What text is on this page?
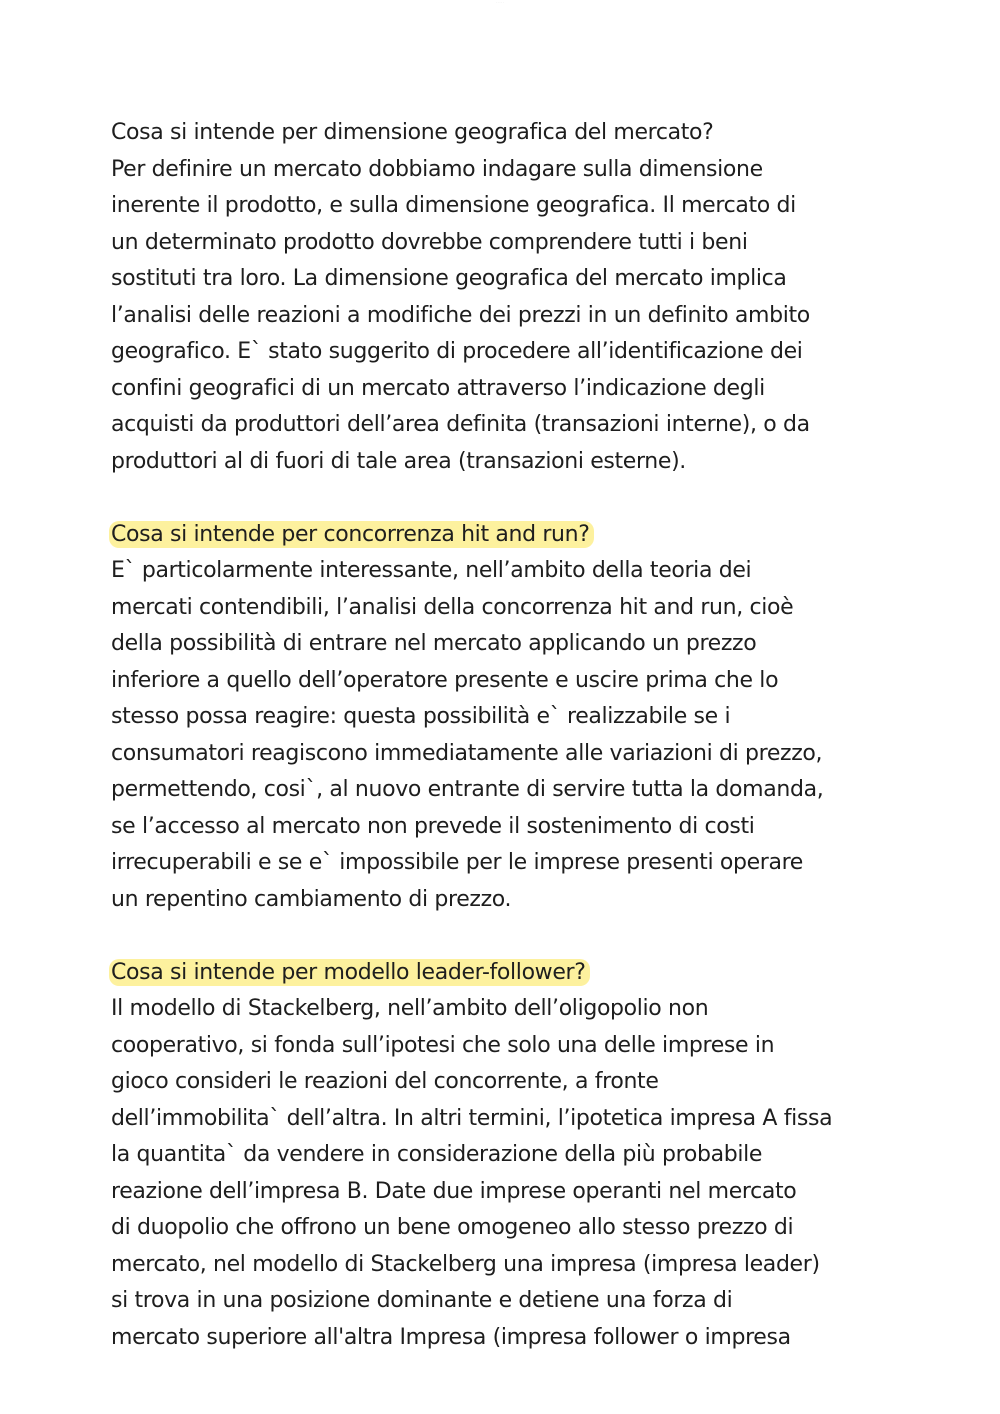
· · · · ·
Cosa si intende per dimensione geografica del mercato?
Per definire un mercato dobbiamo indagare sulla dimensione
inerente il prodotto, e sulla dimensione geografica. Il mercato di
un determinato prodotto dovrebbe comprendere tutti i beni
sostituti tra loro. La dimensione geografica del mercato implica
l’analisi delle reazioni a modifiche dei prezzi in un definito ambito
geografico. E` stato suggerito di procedere all’identificazione dei
confini geografici di un mercato attraverso l’indicazione degli
acquisti da produttori dell’area definita (transazioni interne), o da
produttori al di fuori di tale area (transazioni esterne).
Cosa si intende per concorrenza hit and run?
E` particolarmente interessante, nell’ambito della teoria dei
mercati contendibili, l’analisi della concorrenza hit and run, cioè
della possibilità di entrare nel mercato applicando un prezzo
inferiore a quello dell’operatore presente e uscire prima che lo
stesso possa reagire: questa possibilità e` realizzabile se i
consumatori reagiscono immediatamente alle variazioni di prezzo,
permettendo, cosi`, al nuovo entrante di servire tutta la domanda,
se l’accesso al mercato non prevede il sostenimento di costi
irrecuperabili e se e` impossibile per le imprese presenti operare
un repentino cambiamento di prezzo.
Cosa si intende per modello leader-follower?
Il modello di Stackelberg, nell’ambito dell’oligopolio non
cooperativo, si fonda sull’ipotesi che solo una delle imprese in
gioco consideri le reazioni del concorrente, a fronte
dell’immobilita` dell’altra. In altri termini, l’ipotetica impresa A fissa
la quantita` da vendere in considerazione della più probabile
reazione dell’impresa B. Date due imprese operanti nel mercato
di duopolio che offrono un bene omogeneo allo stesso prezzo di
mercato, nel modello di Stackelberg una impresa (impresa leader)
si trova in una posizione dominante e detiene una forza di
mercato superiore all'altra Impresa (impresa follower o impresa
